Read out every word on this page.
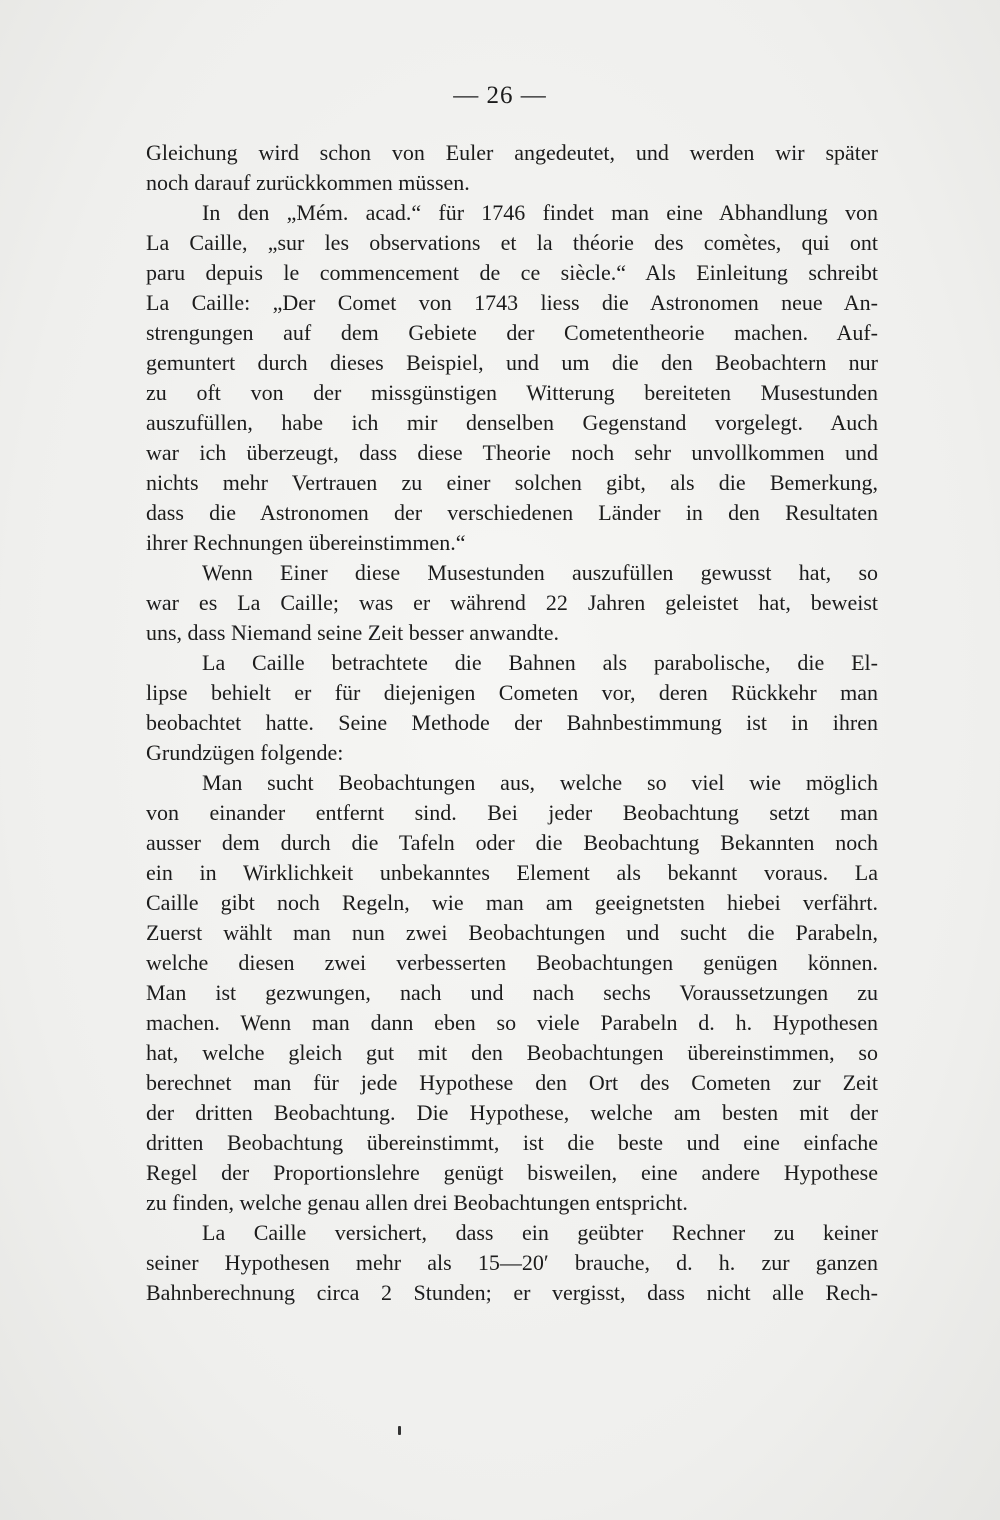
— 26 —
Gleichung wird schon von Euler angedeutet, und werden wir später
noch darauf zurückkommen müssen.
In den „Mém. acad.“ für 1746 findet man eine Abhandlung von
La Caille, „sur les observations et la théorie des comètes, qui ont
paru depuis le commencement de ce siècle.“ Als Einleitung schreibt
La Caille: „Der Comet von 1743 liess die Astronomen neue An-
strengungen auf dem Gebiete der Cometentheorie machen. Auf-
gemuntert durch dieses Beispiel, und um die den Beobachtern nur
zu oft von der missgünstigen Witterung bereiteten Musestunden
auszufüllen, habe ich mir denselben Gegenstand vorgelegt. Auch
war ich überzeugt, dass diese Theorie noch sehr unvollkommen und
nichts mehr Vertrauen zu einer solchen gibt, als die Bemerkung,
dass die Astronomen der verschiedenen Länder in den Resultaten
ihrer Rechnungen übereinstimmen.“
Wenn Einer diese Musestunden auszufüllen gewusst hat, so
war es La Caille; was er während 22 Jahren geleistet hat, beweist
uns, dass Niemand seine Zeit besser anwandte.
La Caille betrachtete die Bahnen als parabolische, die El-
lipse behielt er für diejenigen Cometen vor, deren Rückkehr man
beobachtet hatte. Seine Methode der Bahnbestimmung ist in ihren
Grundzügen folgende:
Man sucht Beobachtungen aus, welche so viel wie möglich
von einander entfernt sind. Bei jeder Beobachtung setzt man
ausser dem durch die Tafeln oder die Beobachtung Bekannten noch
ein in Wirklichkeit unbekanntes Element als bekannt voraus. La
Caille gibt noch Regeln, wie man am geeignetsten hiebei verfährt.
Zuerst wählt man nun zwei Beobachtungen und sucht die Parabeln,
welche diesen zwei verbesserten Beobachtungen genügen können.
Man ist gezwungen, nach und nach sechs Voraussetzungen zu
machen. Wenn man dann eben so viele Parabeln d. h. Hypothesen
hat, welche gleich gut mit den Beobachtungen übereinstimmen, so
berechnet man für jede Hypothese den Ort des Cometen zur Zeit
der dritten Beobachtung. Die Hypothese, welche am besten mit der
dritten Beobachtung übereinstimmt, ist die beste und eine einfache
Regel der Proportionslehre genügt bisweilen, eine andere Hypothese
zu finden, welche genau allen drei Beobachtungen entspricht.
La Caille versichert, dass ein geübter Rechner zu keiner
seiner Hypothesen mehr als 15—20′ brauche, d. h. zur ganzen
Bahnberechnung circa 2 Stunden; er vergisst, dass nicht alle Rech-
